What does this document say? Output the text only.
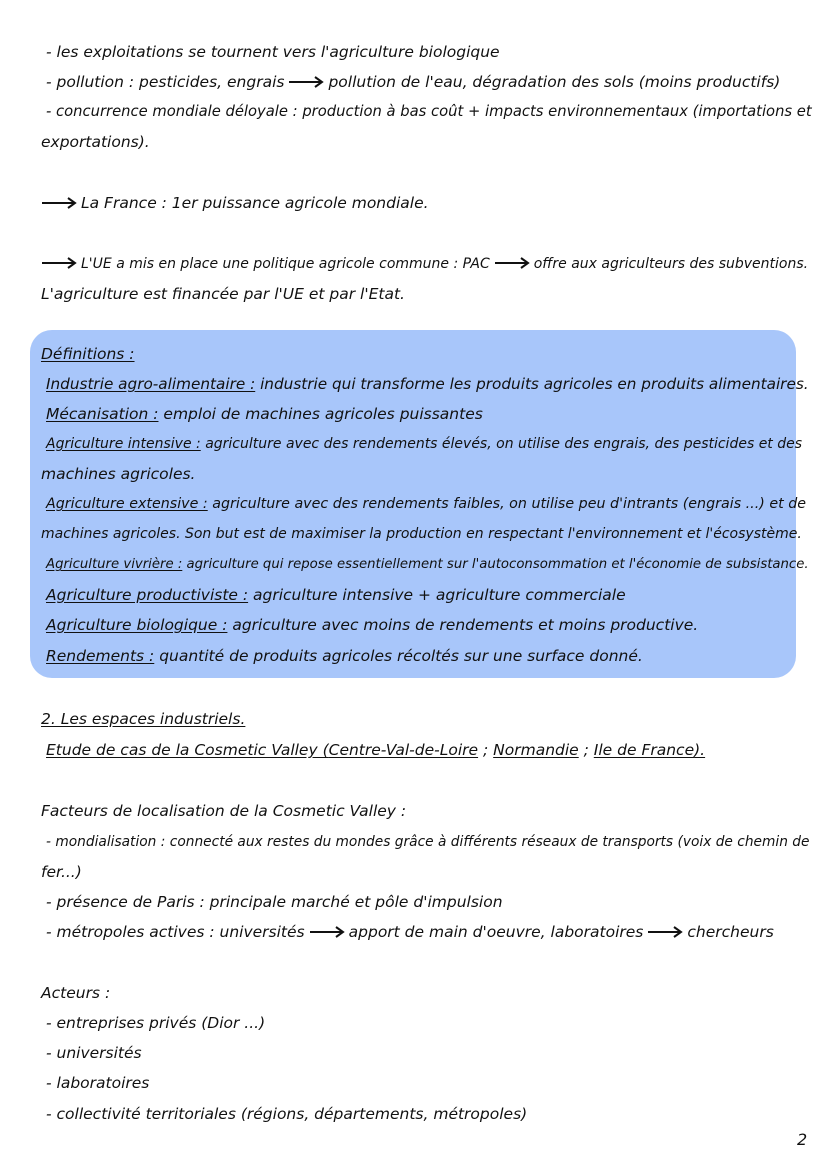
- les exploitations se tournent vers l'agriculture biologique
- pollution : pesticides, engrais	pollution de l'eau, dégradation des sols (moins productifs)
- concurrence mondiale déloyale : production à bas coût + impacts environnementaux (importations et
exportations).
La France : 1er puissance agricole mondiale.
L'UE a mis en place une politique agricole commune : PAC	offre aux agriculteurs des subventions.
L'agriculture est financée par l'UE et par l'Etat.
Définitions :
Industrie agro-alimentaire : industrie qui transforme les produits agricoles en produits alimentaires.
Mécanisation : emploi de machines agricoles puissantes
Agriculture intensive : agriculture avec des rendements élevés, on utilise des engrais, des pesticides et des
machines agricoles.
Agriculture extensive : agriculture avec des rendements faibles, on utilise peu d'intrants (engrais ...) et de
machines agricoles. Son but est de maximiser la production en respectant l'environnement et l'écosystème.
Agriculture vivrière : agriculture qui repose essentiellement sur l'autoconsommation et l'économie de subsistance.
Agriculture productiviste : agriculture intensive + agriculture commerciale
Agriculture biologique : agriculture avec moins de rendements et moins productive.
Rendements : quantité de produits agricoles récoltés sur une surface donné.
2. Les espaces industriels.
Etude de cas de la Cosmetic Valley (Centre-Val-de-Loire ; Normandie ; Ile de France).
Facteurs de localisation de la Cosmetic Valley :
- mondialisation : connecté aux restes du mondes grâce à différents réseaux de transports (voix de chemin de
fer...)
- présence de Paris : principale marché et pôle d'impulsion
- métropoles actives : universités	apport de main d'oeuvre, laboratoires	chercheurs
Acteurs :
- entreprises privés (Dior ...)
- universités
- laboratoires
- collectivité territoriales (régions, départements, métropoles)
2
